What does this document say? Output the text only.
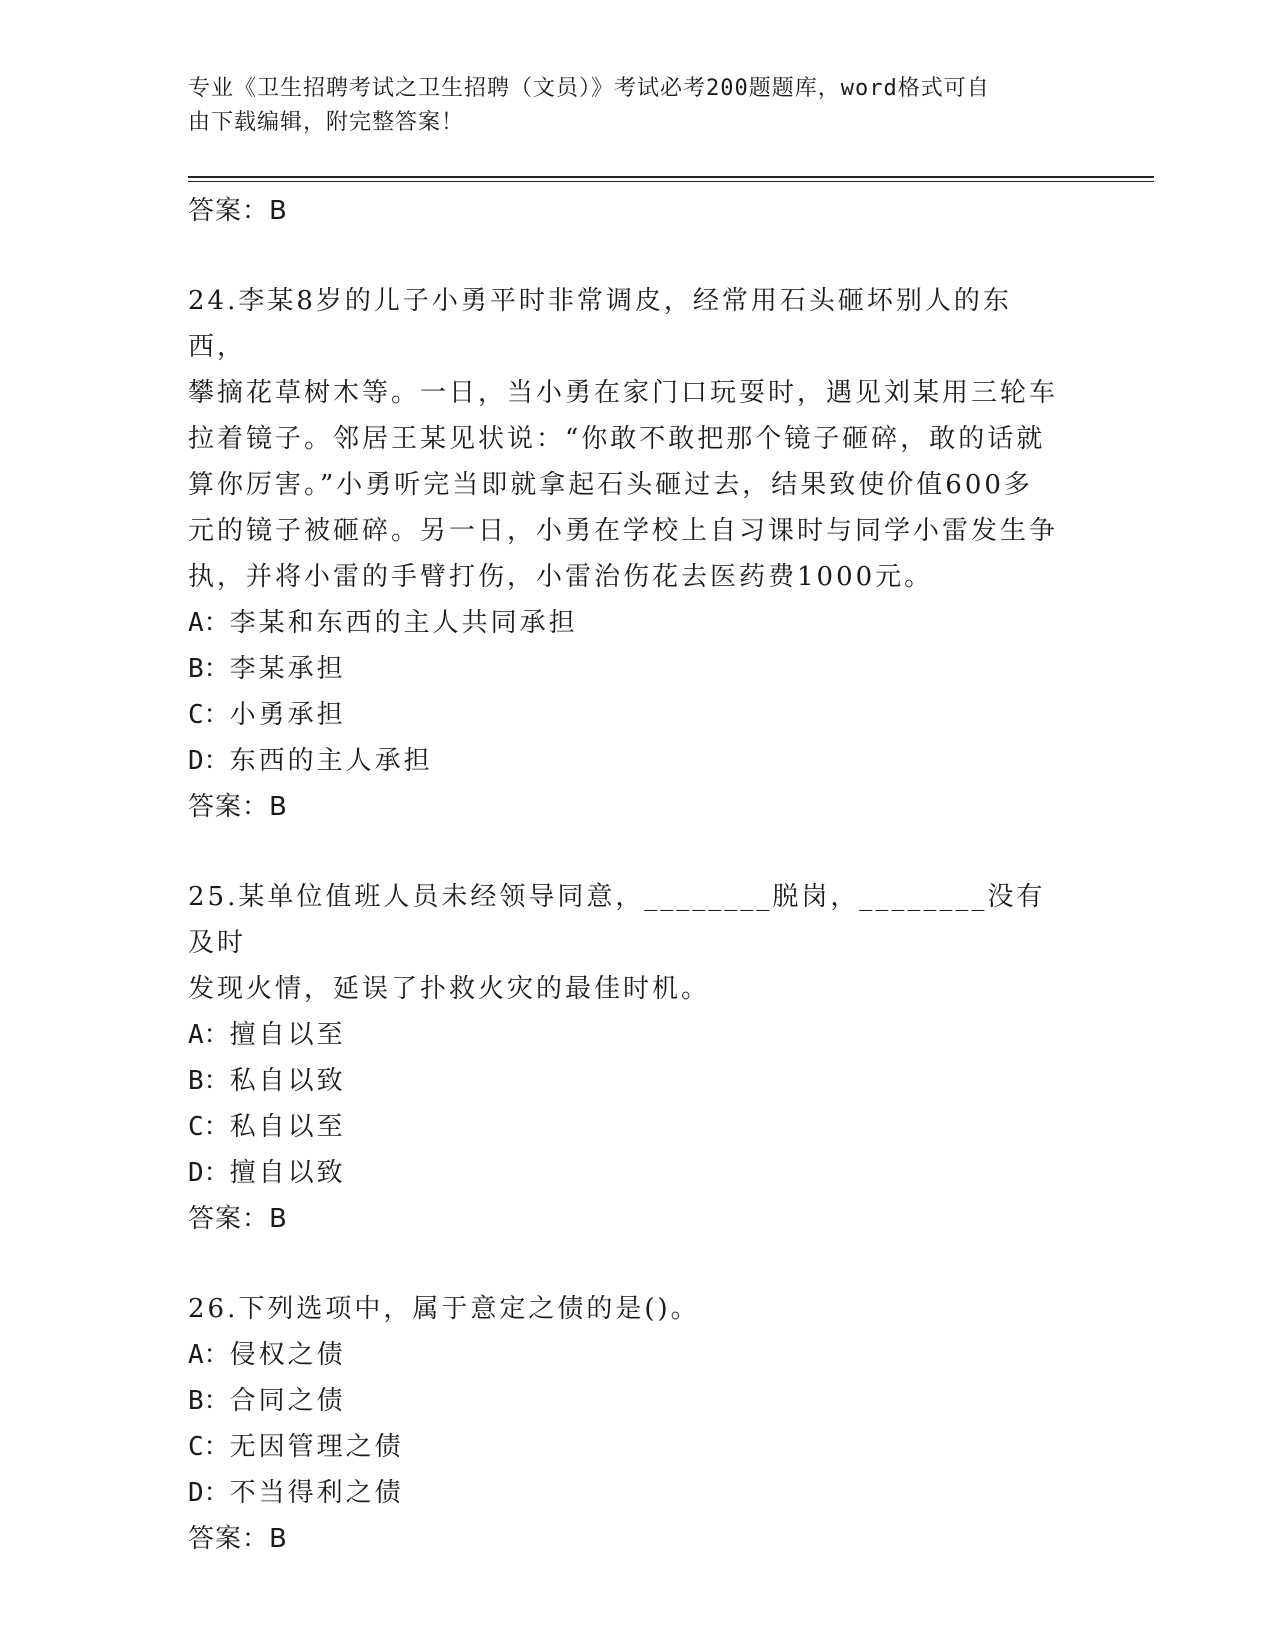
专业《卫生招聘考试之卫生招聘（文员）》考试必考200题题库，word格式可自
由下载编辑，附完整答案！
答案：B
24.李某8岁的儿子小勇平时非常调皮，经常用石头砸坏别人的东西，
攀摘花草树木等。一日，当小勇在家门口玩耍时，遇见刘某用三轮车
拉着镜子。邻居王某见状说：“你敢不敢把那个镜子砸碎，敢的话就
算你厉害。”小勇听完当即就拿起石头砸过去，结果致使价值600多
元的镜子被砸碎。另一日，小勇在学校上自习课时与同学小雷发生争
执，并将小雷的手臂打伤，小雷治伤花去医药费1000元。
A：李某和东西的主人共同承担
B：李某承担
C：小勇承担
D：东西的主人承担
答案：B
25.某单位值班人员未经领导同意，________脱岗，________没有及时
发现火情，延误了扑救火灾的最佳时机。
A：擅自以至
B：私自以致
C：私自以至
D：擅自以致
答案：B
26.下列选项中，属于意定之债的是()。
A：侵权之债
B：合同之债
C：无因管理之债
D：不当得利之债
答案：B
